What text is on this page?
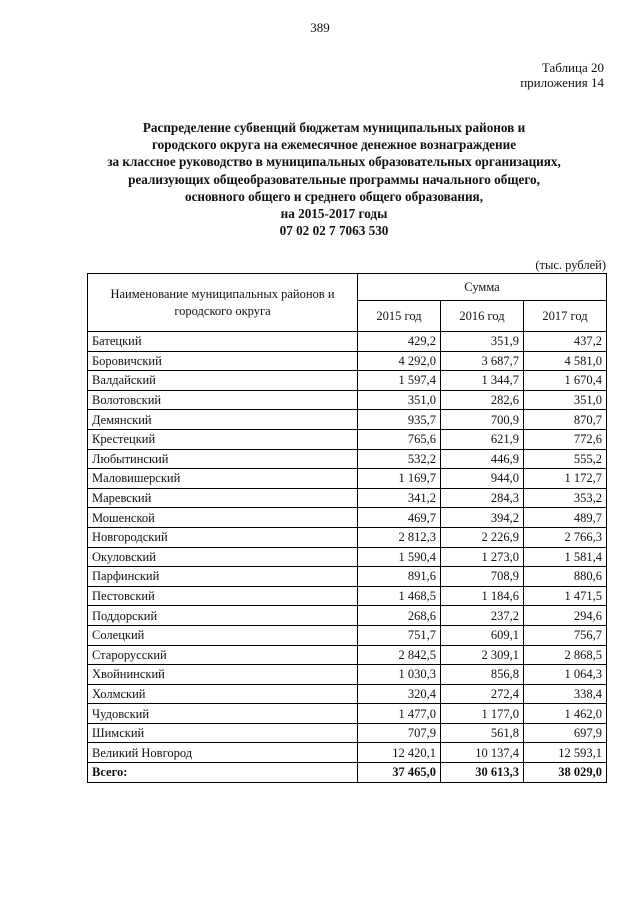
389
Таблица 20
приложения 14
Распределение субвенций бюджетам муниципальных районов и
городского округа на ежемесячное денежное вознаграждение
за классное руководство в муниципальных образовательных организациях,
реализующих общеобразовательные программы начального общего,
основного общего и среднего общего образования,
на 2015-2017 годы
07 02 02 7 7063 530
(тыс. рублей)
Наименование муниципальных районов и городского округа	Сумма		
	2015 год	2016 год	2017 год
Батецкий	429,2	351,9	437,2
Боровичский	4 292,0	3 687,7	4 581,0
Валдайский	1 597,4	1 344,7	1 670,4
Волотовский	351,0	282,6	351,0
Демянский	935,7	700,9	870,7
Крестецкий	765,6	621,9	772,6
Любытинский	532,2	446,9	555,2
Маловишерский	1 169,7	944,0	1 172,7
Маревский	341,2	284,3	353,2
Мошенской	469,7	394,2	489,7
Новгородский	2 812,3	2 226,9	2 766,3
Окуловский	1 590,4	1 273,0	1 581,4
Парфинский	891,6	708,9	880,6
Пестовский	1 468,5	1 184,6	1 471,5
Поддорский	268,6	237,2	294,6
Солецкий	751,7	609,1	756,7
Старорусский	2 842,5	2 309,1	2 868,5
Хвойнинский	1 030,3	856,8	1 064,3
Холмский	320,4	272,4	338,4
Чудовский	1 477,0	1 177,0	1 462,0
Шимский	707,9	561,8	697,9
Великий Новгород	12 420,1	10 137,4	12 593,1
Всего:	37 465,0	30 613,3	38 029,0
